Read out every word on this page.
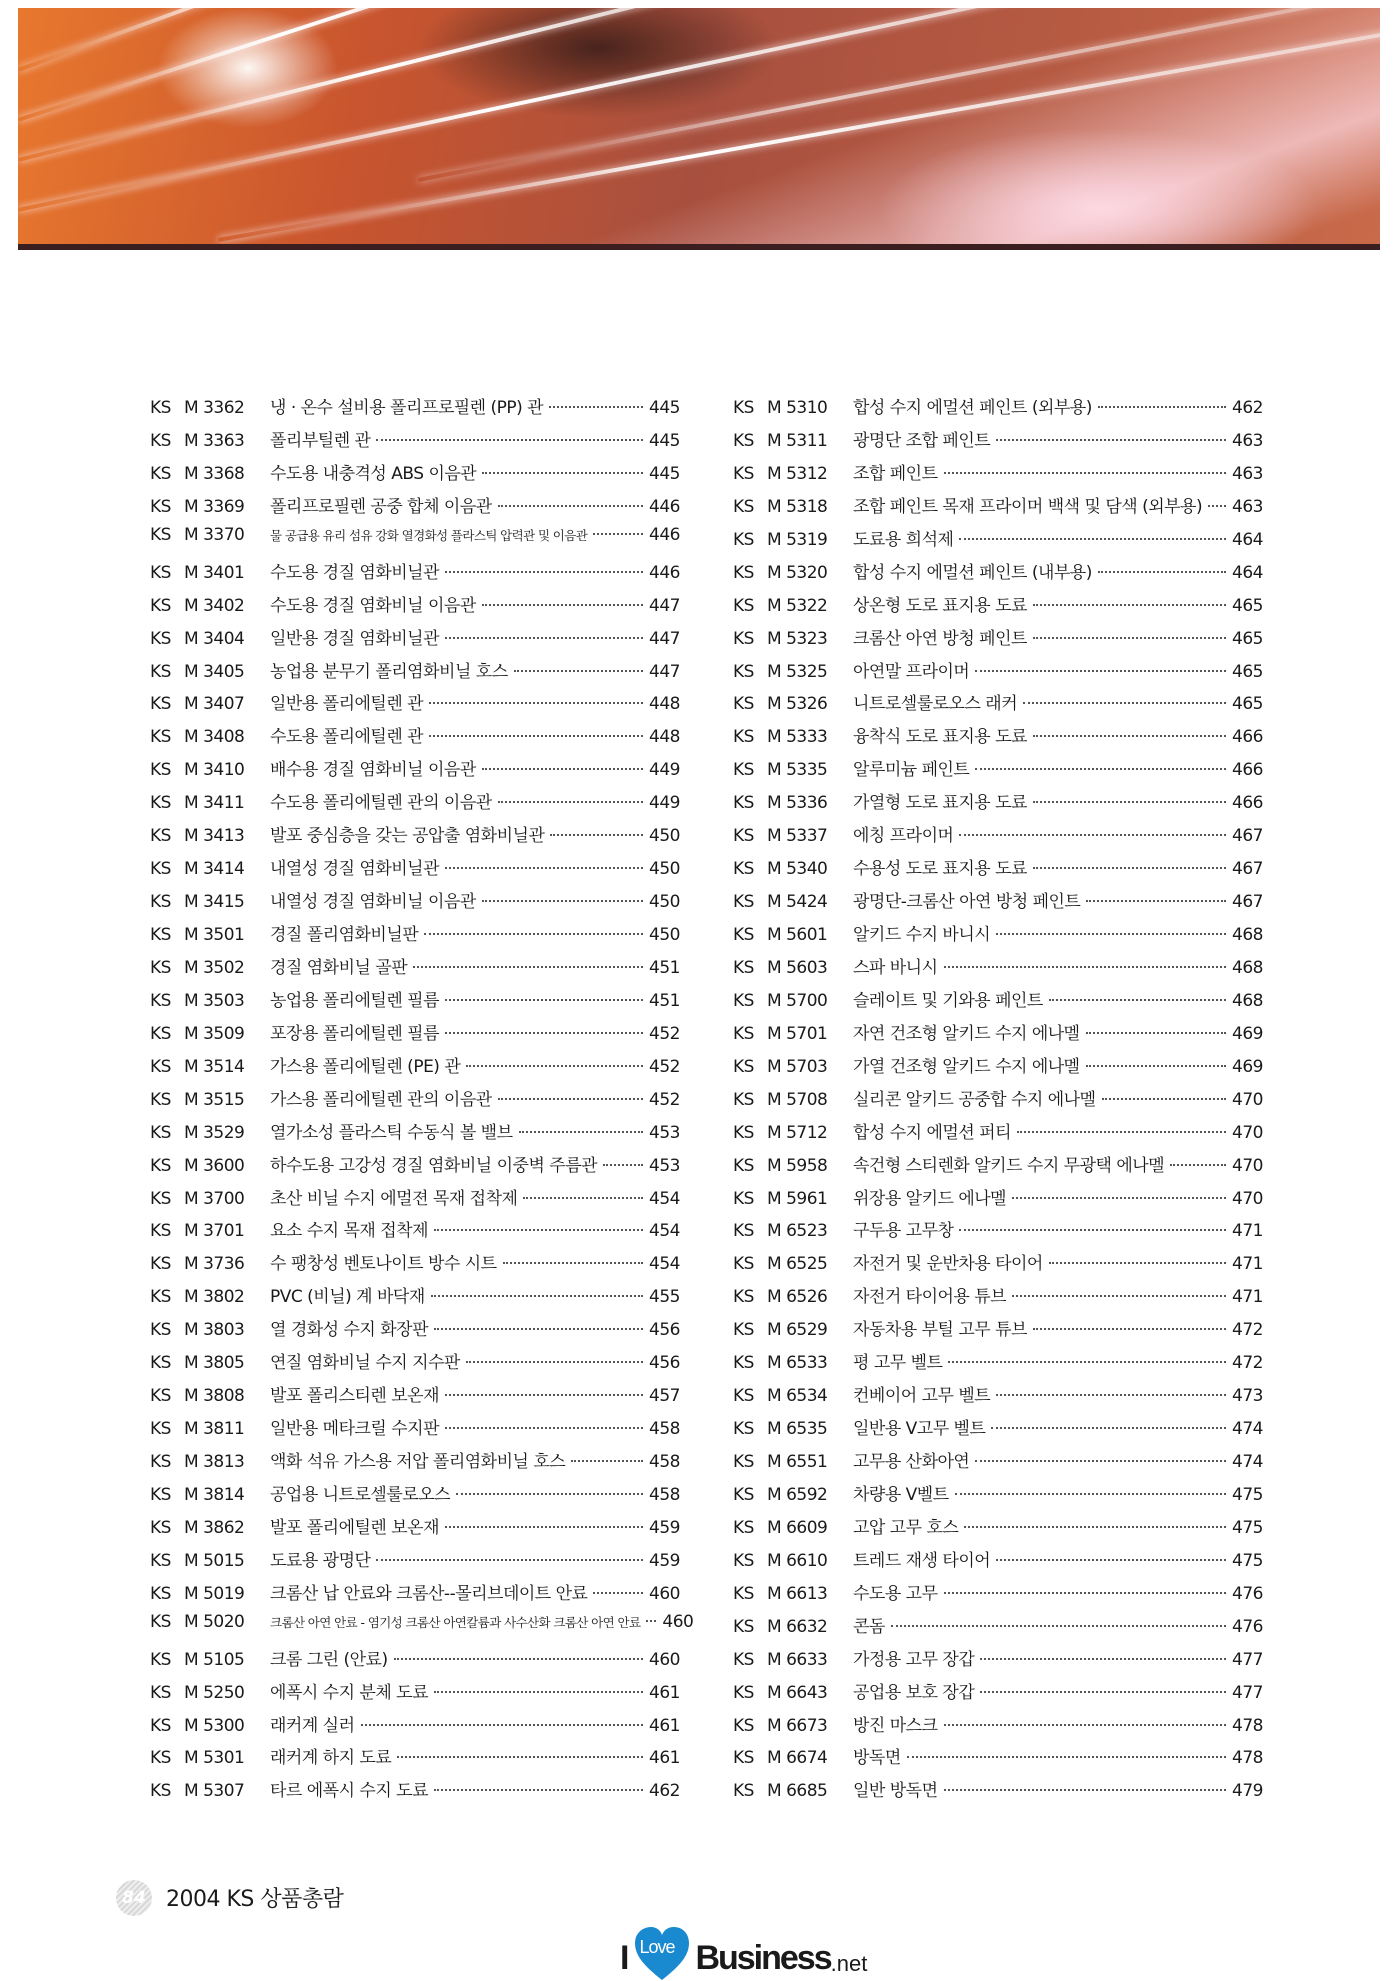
KS M 3362	냉 · 온수 설비용 폴리프로필렌 (PP) 관	445
KS M 3363	폴리부틸렌 관	445
KS M 3368	수도용 내충격성 ABS 이음관	445
KS M 3369	폴리프로필렌 공중 합체 이음관	446
KS M 3370	물 공급용 유리 섬유 강화 열경화성 플라스틱 압력관 및 이음관	446
KS M 3401	수도용 경질 염화비닐관	446
KS M 3402	수도용 경질 염화비닐 이음관	447
KS M 3404	일반용 경질 염화비닐관	447
KS M 3405	농업용 분무기 폴리염화비닐 호스	447
KS M 3407	일반용 폴리에틸렌 관	448
KS M 3408	수도용 폴리에틸렌 관	448
KS M 3410	배수용 경질 염화비닐 이음관	449
KS M 3411	수도용 폴리에틸렌 관의 이음관	449
KS M 3413	발포 중심층을 갖는 공압출 염화비닐관	450
KS M 3414	내열성 경질 염화비닐관	450
KS M 3415	내열성 경질 염화비닐 이음관	450
KS M 3501	경질 폴리염화비닐판	450
KS M 3502	경질 염화비닐 골판	451
KS M 3503	농업용 폴리에틸렌 필름	451
KS M 3509	포장용 폴리에틸렌 필름	452
KS M 3514	가스용 폴리에틸렌 (PE) 관	452
KS M 3515	가스용 폴리에틸렌 관의 이음관	452
KS M 3529	열가소성 플라스틱 수동식 볼 밸브	453
KS M 3600	하수도용 고강성 경질 염화비닐 이중벽 주름관	453
KS M 3700	초산 비닐 수지 에멀젼 목재 접착제	454
KS M 3701	요소 수지 목재 접착제	454
KS M 3736	수 팽창성 벤토나이트 방수 시트	454
KS M 3802	PVC (비닐) 계 바닥재	455
KS M 3803	열 경화성 수지 화장판	456
KS M 3805	연질 염화비닐 수지 지수판	456
KS M 3808	발포 폴리스티렌 보온재	457
KS M 3811	일반용 메타크릴 수지판	458
KS M 3813	액화 석유 가스용 저압 폴리염화비닐 호스	458
KS M 3814	공업용 니트로셀룰로오스	458
KS M 3862	발포 폴리에틸렌 보온재	459
KS M 5015	도료용 광명단	459
KS M 5019	크롬산 납 안료와 크롬산--몰리브데이트 안료	460
KS M 5020	크롬산 아연 안료 - 염기성 크롬산 아연칼륨과 사수산화 크롬산 아연 안료 460
KS M 5105	크롬 그린 (안료)	460
KS M 5250	에폭시 수지 분체 도료	461
KS M 5300	래커계 실러	461
KS M 5301	래커계 하지 도료	461
KS M 5307	타르 에폭시 수지 도료	462
KS M 5310	합성 수지 에멀션 페인트 (외부용)	462
KS M 5311	광명단 조합 페인트	463
KS M 5312	조합 페인트	463
KS M 5318	조합 페인트 목재 프라이머 백색 및 담색 (외부용) 463
KS M 5319	도료용 희석제	464
KS M 5320	합성 수지 에멀션 페인트 (내부용)	464
KS M 5322	상온형 도로 표지용 도료	465
KS M 5323	크롬산 아연 방청 페인트	465
KS M 5325	아연말 프라이머	465
KS M 5326	니트로셀룰로오스 래커	465
KS M 5333	융착식 도로 표지용 도료	466
KS M 5335	알루미늄 페인트	466
KS M 5336	가열형 도로 표지용 도료	466
KS M 5337	에칭 프라이머	467
KS M 5340	수용성 도로 표지용 도료	467
KS M 5424	광명단-크롬산 아연 방청 페인트	467
KS M 5601	알키드 수지 바니시	468
KS M 5603	스파 바니시	468
KS M 5700	슬레이트 및 기와용 페인트	468
KS M 5701	자연 건조형 알키드 수지 에나멜	469
KS M 5703	가열 건조형 알키드 수지 에나멜	469
KS M 5708	실리콘 알키드 공중합 수지 에나멜	470
KS M 5712	합성 수지 에멀션 퍼티	470
KS M 5958	속건형 스티렌화 알키드 수지 무광택 에나멜	470
KS M 5961	위장용 알키드 에나멜	470
KS M 6523	구두용 고무창	471
KS M 6525	자전거 및 운반차용 타이어	471
KS M 6526	자전거 타이어용 튜브	471
KS M 6529	자동차용 부틸 고무 튜브	472
KS M 6533	평 고무 벨트	472
KS M 6534	컨베이어 고무 벨트	473
KS M 6535	일반용 V고무 벨트	474
KS M 6551	고무용 산화아연	474
KS M 6592	차량용 V벨트	475
KS M 6609	고압 고무 호스	475
KS M 6610	트레드 재생 타이어	475
KS M 6613	수도용 고무	476
KS M 6632	콘돔	476
KS M 6633	가정용 고무 장갑	477
KS M 6643	공업용 보호 장갑	477
KS M 6673	방진 마스크	478
KS M 6674	방독면	478
KS M 6685	일반 방독면	479
84 2004 KS 상품총람
I Love Business .net
